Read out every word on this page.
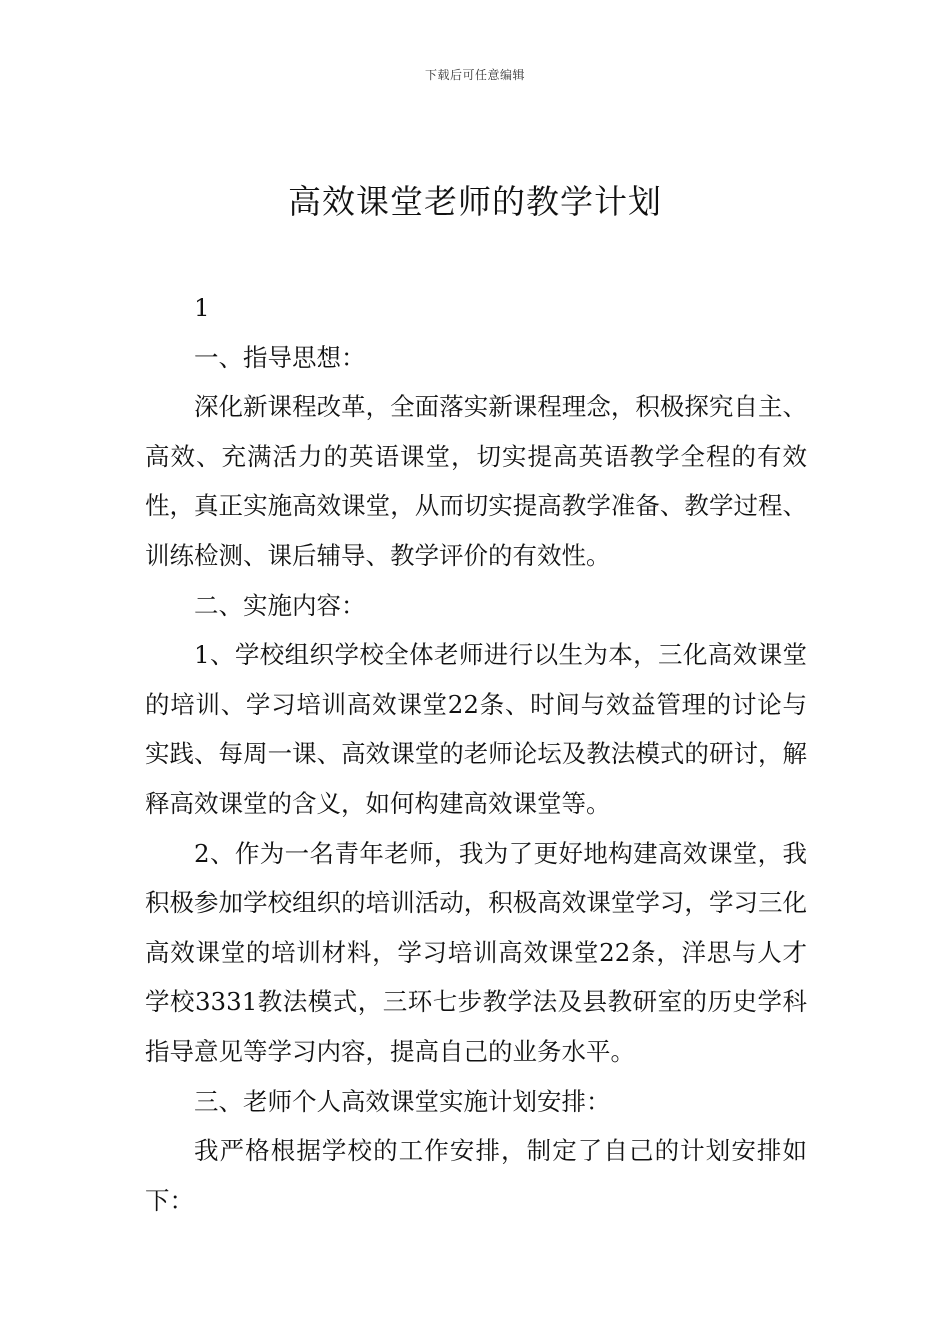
下载后可任意编辑
高效课堂老师的教学计划

1

一、指导思想：

深化新课程改革，全面落实新课程理念，积极探究自主、高效、充满活力的英语课堂，切实提高英语教学全程的有效性，真正实施高效课堂，从而切实提高教学准备、教学过程、训练检测、课后辅导、教学评价的有效性。

二、实施内容：

1、学校组织学校全体老师进行以生为本，三化高效课堂的培训、学习培训高效课堂22条、时间与效益管理的讨论与实践、每周一课、高效课堂的老师论坛及教法模式的研讨，解释高效课堂的含义，如何构建高效课堂等。

2、作为一名青年老师，我为了更好地构建高效课堂，我积极参加学校组织的培训活动，积极高效课堂学习，学习三化高效课堂的培训材料，学习培训高效课堂22条，洋思与人才学校3331教法模式，三环七步教学法及县教研室的历史学科指导意见等学习内容，提高自己的业务水平。

三、老师个人高效课堂实施计划安排：

我严格根据学校的工作安排，制定了自己的计划安排如下：
